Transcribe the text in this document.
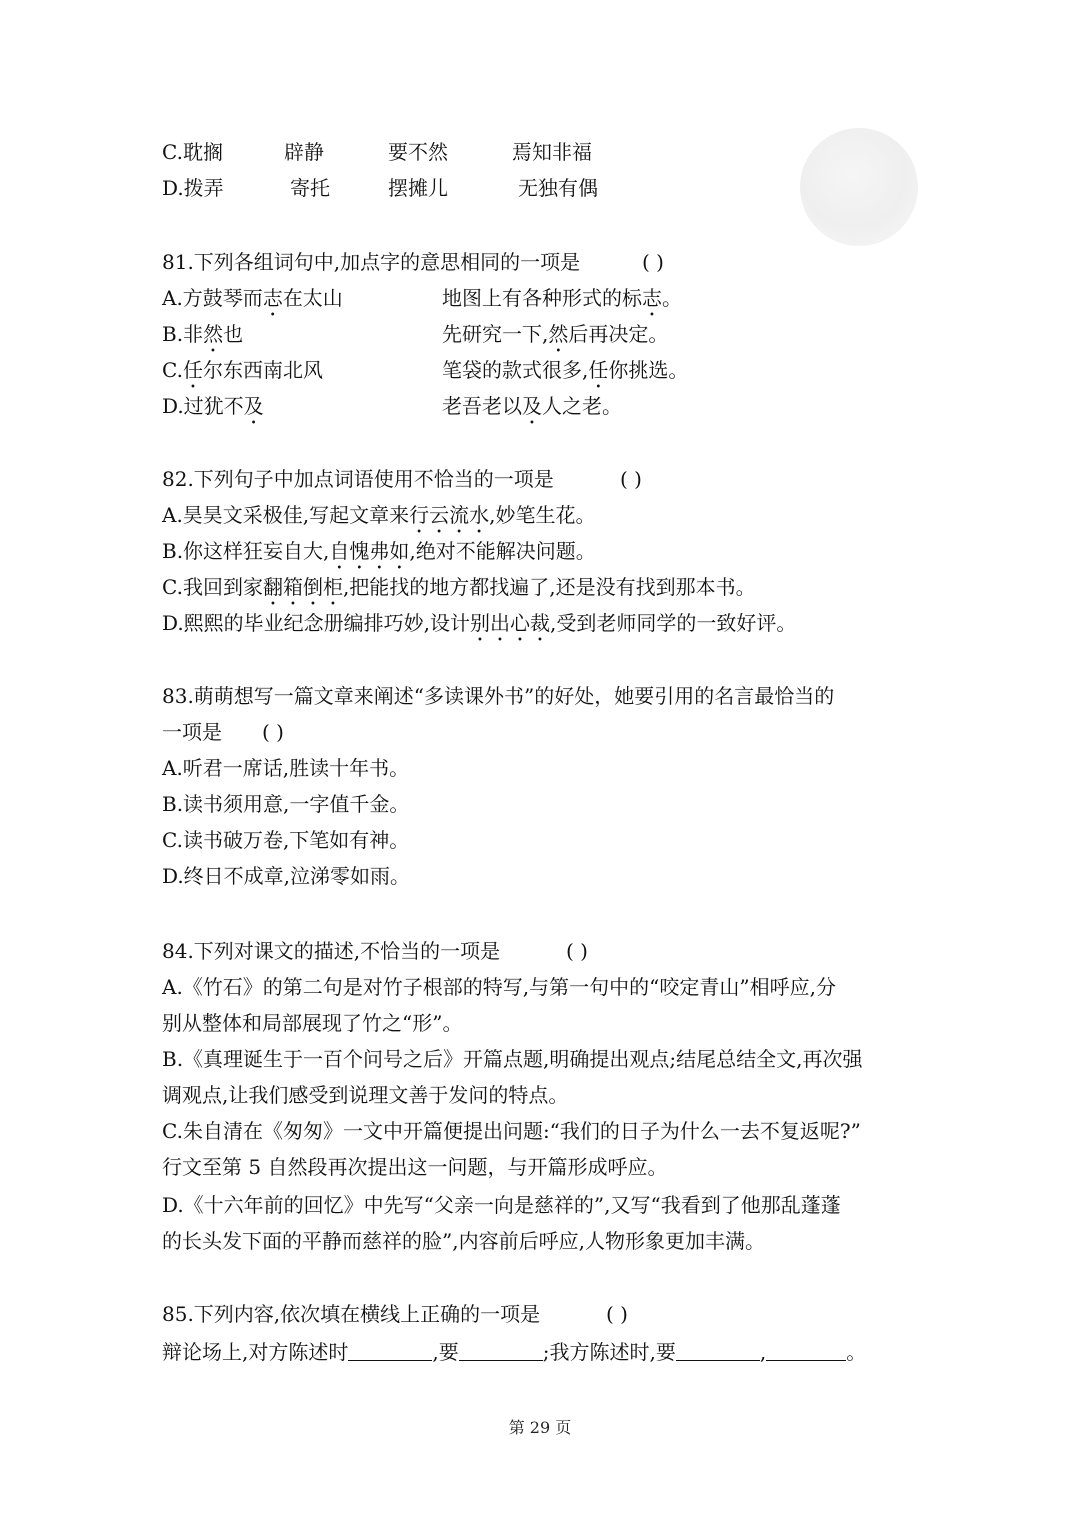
C.耽搁	辟静	要不然	焉知非福
D.拨弄	寄托	摆摊儿	无独有偶
81.下列各组词句中,加点字的意思相同的一项是	( )
A.方鼓琴而志在太山	地图上有各种形式的标志。
B.非然也	先研究一下,然后再决定。
C.任尔东西南北风	笔袋的款式很多,任你挑选。
D.过犹不及	老吾老以及人之老。
82.下列句子中加点词语使用不恰当的一项是	( )
A.昊昊文采极佳,写起文章来行云流水,妙笔生花。
B.你这样狂妄自大,自愧弗如,绝对不能解决问题。
C.我回到家翻箱倒柜,把能找的地方都找遍了,还是没有找到那本书。
D.熙熙的毕业纪念册编排巧妙,设计别出心裁,受到老师同学的一致好评。
83.萌萌想写一篇文章来阐述“多读课外书”的好处，她要引用的名言最恰当的
一项是 ( )
A.听君一席话,胜读十年书。
B.读书须用意,一字值千金。
C.读书破万卷,下笔如有神。
D.终日不成章,泣涕零如雨。
84.下列对课文的描述,不恰当的一项是	( )
A.《竹石》的第二句是对竹子根部的特写,与第一句中的“咬定青山”相呼应,分
别从整体和局部展现了竹之“形”。
B.《真理诞生于一百个问号之后》开篇点题,明确提出观点;结尾总结全文,再次强
调观点,让我们感受到说理文善于发问的特点。
C.朱自清在《匆匆》一文中开篇便提出问题:“我们的日子为什么一去不复返呢?”
行文至第 5 自然段再次提出这一问题，与开篇形成呼应。
D.《十六年前的回忆》中先写“父亲一向是慈祥的”,又写“我看到了他那乱蓬蓬
的长头发下面的平静而慈祥的脸”,内容前后呼应,人物形象更加丰满。
85.下列内容,依次填在横线上正确的一项是	( )
辩论场上,对方陈述时	,要	;我方陈述时,要	,	。
第 29 页
